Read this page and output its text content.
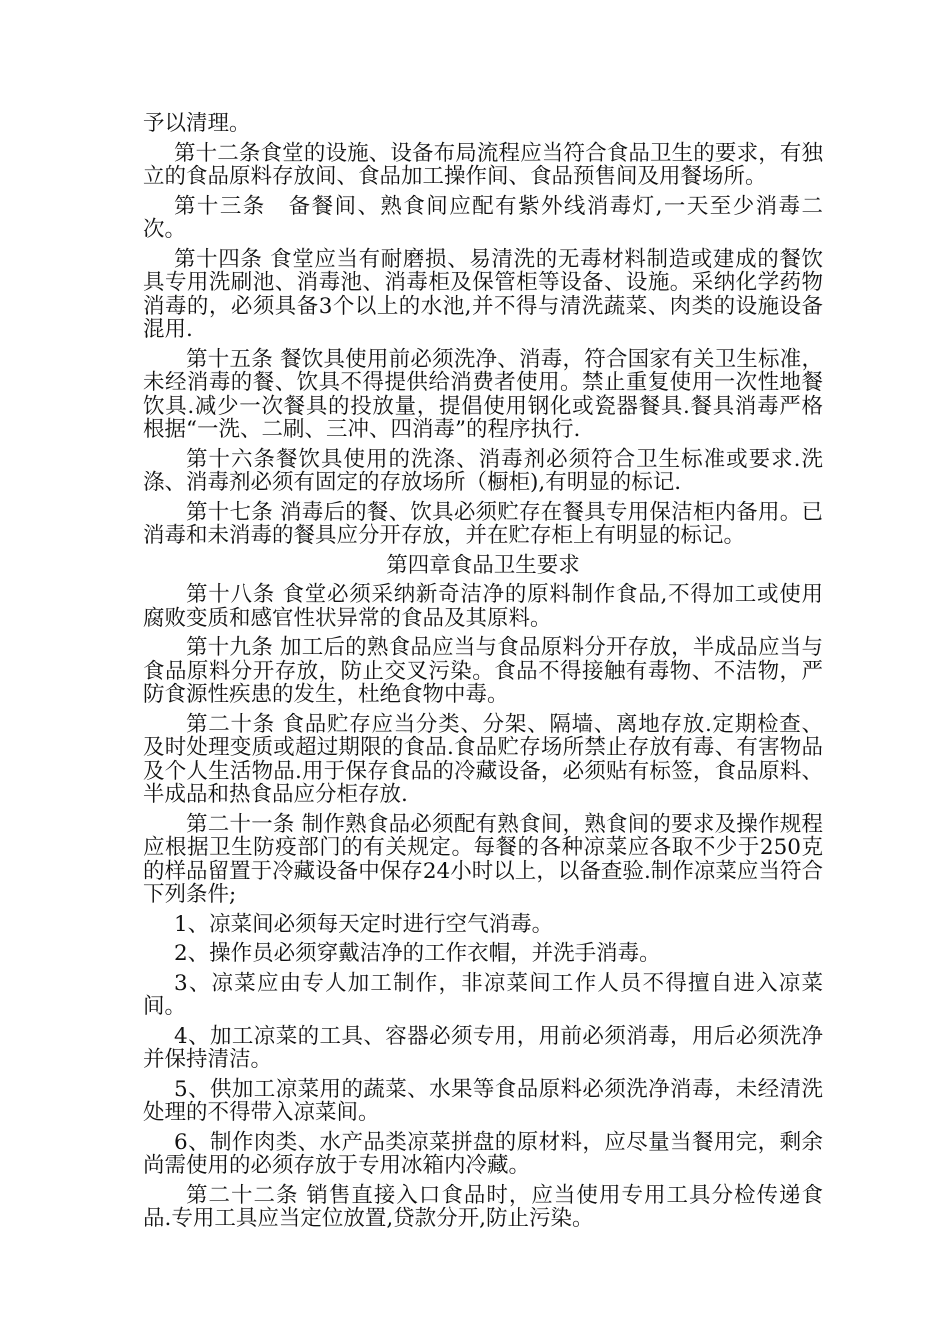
予以清理。

第十二条食堂的设施、设备布局流程应当符合食品卫生的要求，有独立的食品原料存放间、食品加工操作间、食品预售间及用餐场所。

第十三条　备餐间、熟食间应配有紫外线消毒灯,一天至少消毒二次。

第十四条 食堂应当有耐磨损、易清洗的无毒材料制造或建成的餐饮具专用洗刷池、消毒池、消毒柜及保管柜等设备、设施。采纳化学药物消毒的，必须具备3个以上的水池,并不得与清洗蔬菜、肉类的设施设备混用.

第十五条 餐饮具使用前必须洗净、消毒，符合国家有关卫生标准，未经消毒的餐、饮具不得提供给消费者使用。禁止重复使用一次性地餐饮具.减少一次餐具的投放量，提倡使用钢化或瓷器餐具.餐具消毒严格根据“一洗、二刷、三冲、四消毒”的程序执行.

第十六条餐饮具使用的洗涤、消毒剂必须符合卫生标准或要求.洗涤、消毒剂必须有固定的存放场所（橱柜),有明显的标记.

第十七条 消毒后的餐、饮具必须贮存在餐具专用保洁柜内备用。已消毒和未消毒的餐具应分开存放，并在贮存柜上有明显的标记。

第四章食品卫生要求

第十八条 食堂必须采纳新奇洁净的原料制作食品,不得加工或使用腐败变质和感官性状异常的食品及其原料。

第十九条 加工后的熟食品应当与食品原料分开存放，半成品应当与食品原料分开存放，防止交叉污染。食品不得接触有毒物、不洁物，严防食源性疾患的发生，杜绝食物中毒。

第二十条 食品贮存应当分类、分架、隔墙、离地存放.定期检查、及时处理变质或超过期限的食品.食品贮存场所禁止存放有毒、有害物品及个人生活物品.用于保存食品的冷藏设备，必须贴有标签，食品原料、半成品和热食品应分柜存放.

第二十一条 制作熟食品必须配有熟食间，熟食间的要求及操作规程应根据卫生防疫部门的有关规定。每餐的各种凉菜应各取不少于250克的样品留置于冷藏设备中保存24小时以上，以备查验.制作凉菜应当符合下列条件;

1、凉菜间必须每天定时进行空气消毒。

2、操作员必须穿戴洁净的工作衣帽，并洗手消毒。

3、凉菜应由专人加工制作，非凉菜间工作人员不得擅自进入凉菜间。

4、加工凉菜的工具、容器必须专用，用前必须消毒，用后必须洗净并保持清洁。

5、供加工凉菜用的蔬菜、水果等食品原料必须洗净消毒，未经清洗处理的不得带入凉菜间。

6、制作肉类、水产品类凉菜拼盘的原材料，应尽量当餐用完，剩余尚需使用的必须存放于专用冰箱内冷藏。

第二十二条 销售直接入口食品时，应当使用专用工具分检传递食品.专用工具应当定位放置,贷款分开,防止污染。
